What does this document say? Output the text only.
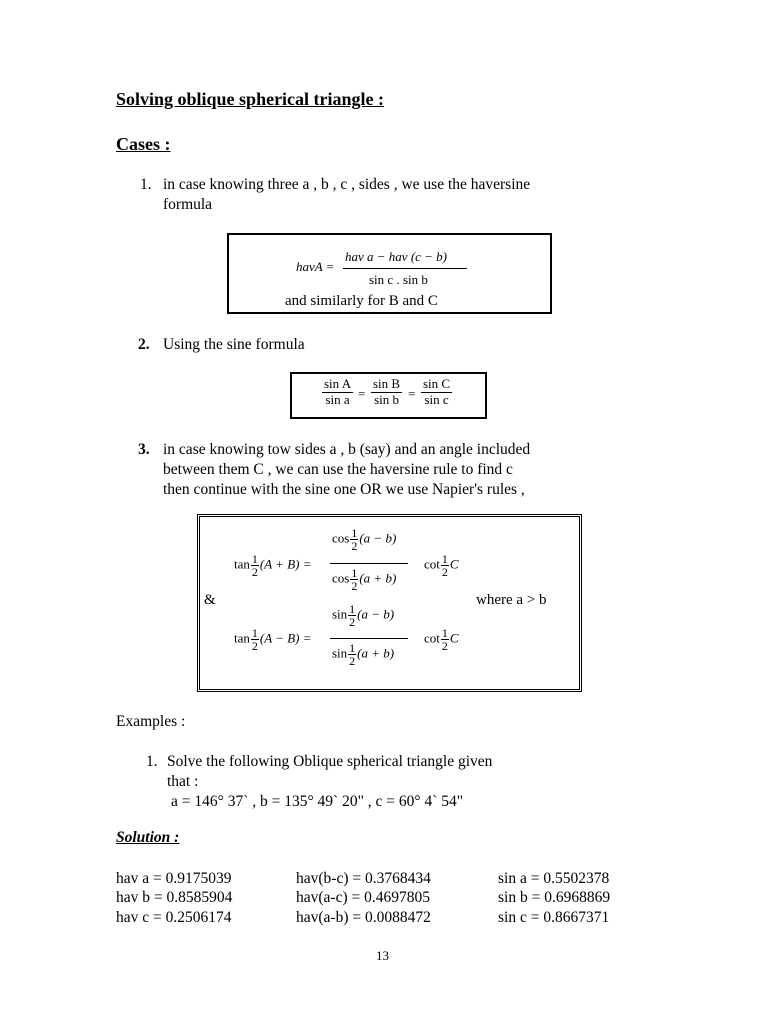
Solving oblique spherical triangle :
Cases :
1. in case knowing three a , b , c , sides , we use the haversine
formula
havA =
hav a − hav (c − b)
sin c . sin b
and similarly for B and C
2. Using the sine formula
$\frac{\text{sin A}}{\text{sin a}} = \frac{\text{sin B}}{\text{sin b}} = \frac{\text{sin C}}{\text{sin c}}$
3. in case knowing tow sides a , b (say) and an angle included
between them C , we can use the haversine rule to find c
then continue with the sine one OR we use Napier's rules ,
$\tan \frac{1}{2} (A + B)$ =
$\cos \frac{1}{2} (a - b)$
$\cos \frac{1}{2} (a + b)$
$\cot \frac{1}{2}$ C
&	where a > b
$\tan \frac{1}{2} (A - B)$ =
$\sin \frac{1}{2} (a - b)$
$\sin \frac{1}{2} (a + b)$
$\cot \frac{1}{2}$ C
Examples :
1. Solve the following Oblique spherical triangle given
that :
a = 146° 37` , b = 135° 49` 20" , c = 60° 4` 54"
Solution :
hav a = 0.9175039	hav(b-c) = 0.3768434	sin a = 0.5502378
hav b = 0.8585904	hav(a-c) = 0.4697805	sin b = 0.6968869
hav c = 0.2506174	hav(a-b) = 0.0088472	sin c = 0.8667371
13
